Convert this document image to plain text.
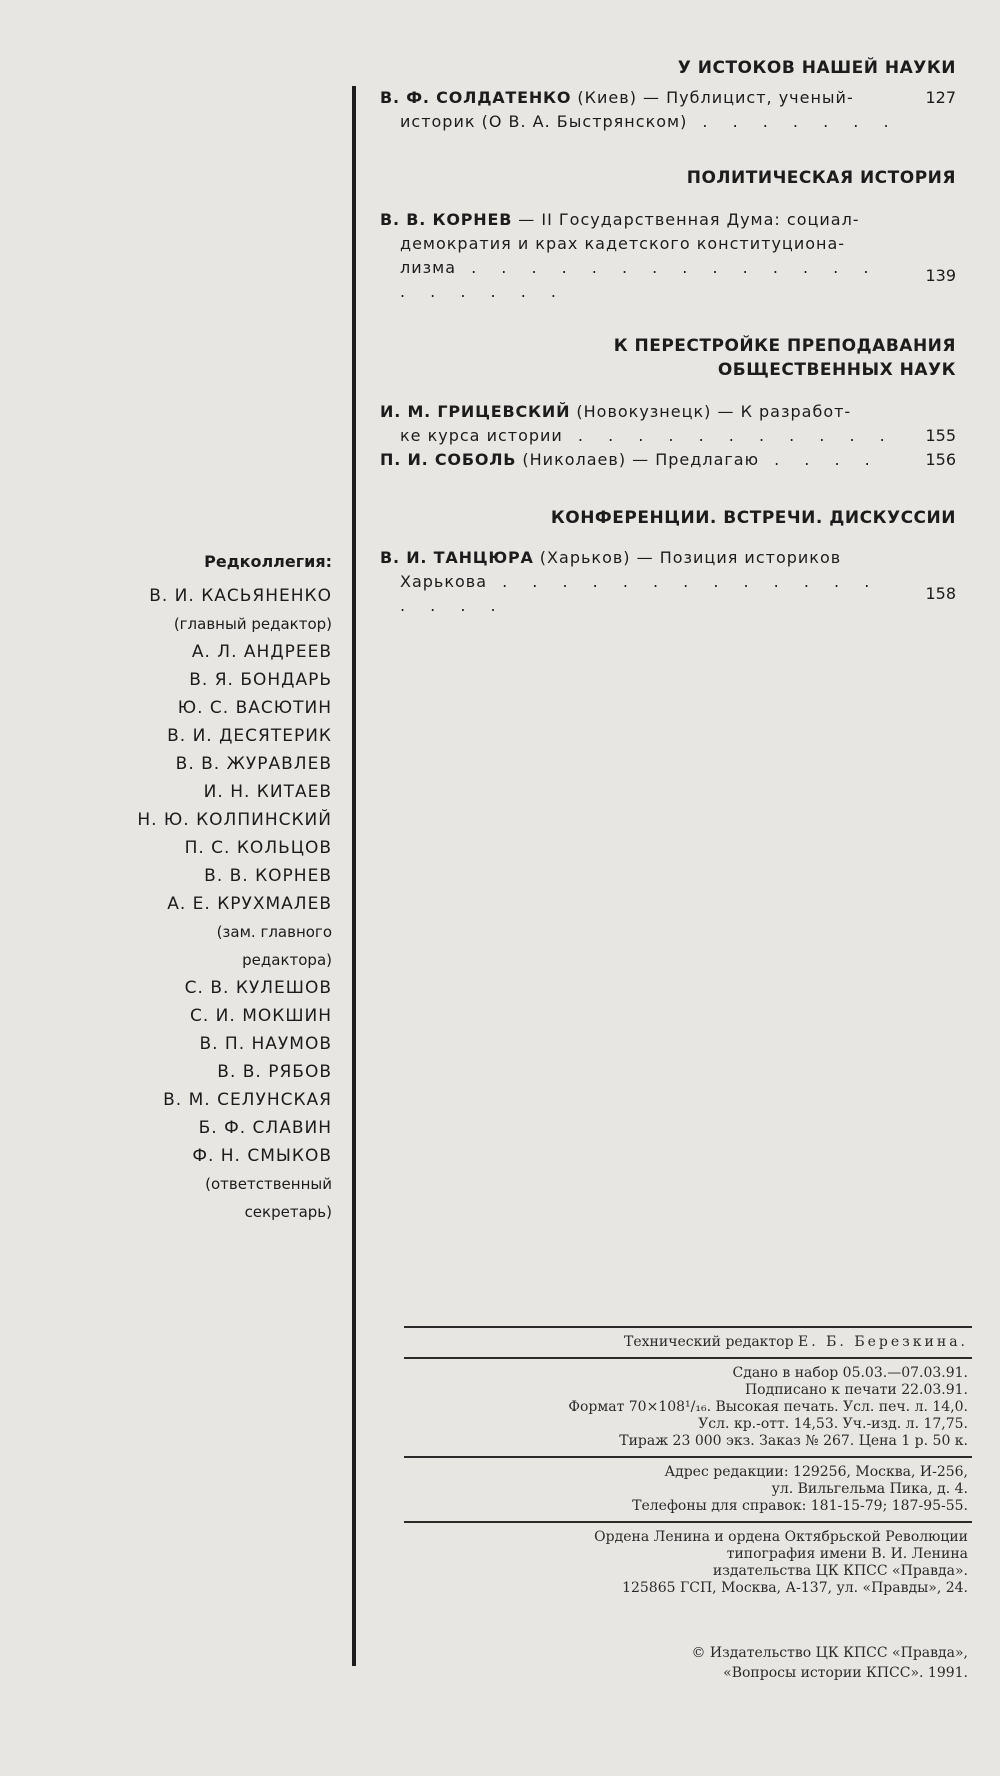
У ИСТОКОВ НАШЕЙ НАУКИ
В. Ф. СОЛДАТЕНКО (Киев) — Публицист, ученый-
историк (О В. А. Быстрянском) . . . . . . .
127
ПОЛИТИЧЕСКАЯ ИСТОРИЯ
В. В. КОРНЕВ — II Государственная Дума: социал-
демократия и крах кадетского конституциона-
лизма . . . . . . . . . . . . . . . . . . . .
139
К ПЕРЕСТРОЙКЕ ПРЕПОДАВАНИЯ
ОБЩЕСТВЕННЫХ НАУК
И. М. ГРИЦЕВСКИЙ (Новокузнецк) — К разработ-
ке курса истории . . . . . . . . . . .	155
П. И. СОБОЛЬ (Николаев) — Предлагаю . . . .	156
КОНФЕРЕНЦИИ. ВСТРЕЧИ. ДИСКУССИИ
В. И. ТАНЦЮРА (Харьков) — Позиция историков
Харькова . . . . . . . . . . . . . . . . .
158
Редколлегия:
В. И. КАСЬЯНЕНКО
(главный редактор)
А. Л. АНДРЕЕВ
В. Я. БОНДАРЬ
Ю. С. ВАСЮТИН
В. И. ДЕСЯТЕРИК
В. В. ЖУРАВЛЕВ
И. Н. КИТАЕВ
Н. Ю. КОЛПИНСКИЙ
П. С. КОЛЬЦОВ
В. В. КОРНЕВ
А. Е. КРУХМАЛЕВ
(зам. главного
редактора)
С. В. КУЛЕШОВ
С. И. МОКШИН
В. П. НАУМОВ
В. В. РЯБОВ
В. М. СЕЛУНСКАЯ
Б. Ф. СЛАВИН
Ф. Н. СМЫКОВ
(ответственный
секретарь)
Технический редактор Е. Б. Березкина.
Сдано в набор 05.03.—07.03.91.
Подписано к печати 22.03.91.
Формат 70×108¹/₁₆. Высокая печать. Усл. печ. л. 14,0.
Усл. кр.-отт. 14,53. Уч.-изд. л. 17,75.
Тираж 23 000 экз. Заказ № 267. Цена 1 р. 50 к.
Адрес редакции: 129256, Москва, И-256,
ул. Вильгельма Пика, д. 4.
Телефоны для справок: 181-15-79; 187-95-55.
Ордена Ленина и ордена Октябрьской Революции
типография имени В. И. Ленина
издательства ЦК КПСС «Правда».
125865 ГСП, Москва, А-137, ул. «Правды», 24.
© Издательство ЦК КПСС «Правда»,
«Вопросы истории КПСС». 1991.
